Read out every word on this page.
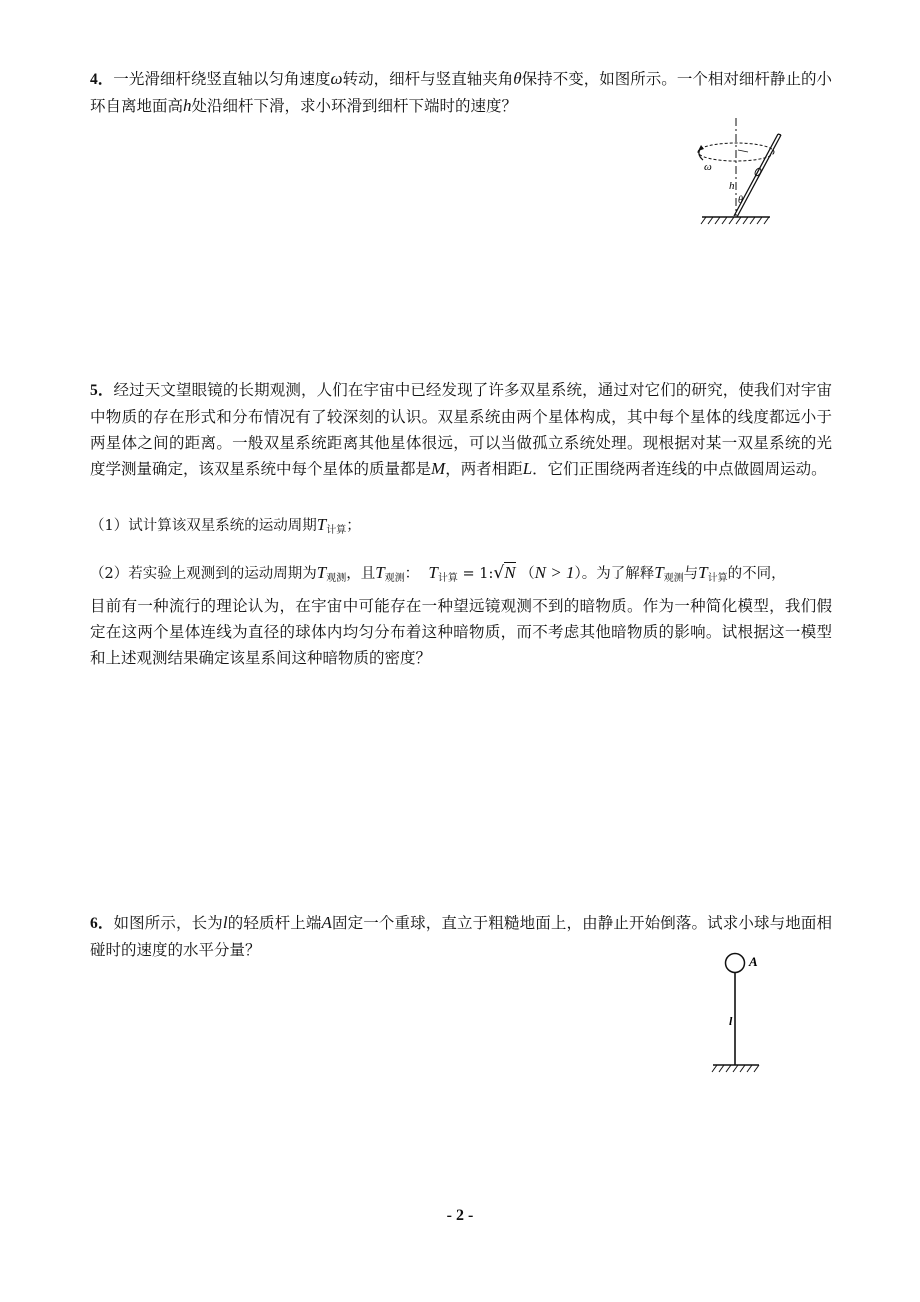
4．一光滑细杆绕竖直轴以匀角速度ω转动，细杆与竖直轴夹角θ保持不变，如图所示。一个相对细杆静止的小环自离地面高h处沿细杆下滑，求小环滑到细杆下端时的速度？
ω
h
θ
5．经过天文望眼镜的长期观测，人们在宇宙中已经发现了许多双星系统，通过对它们的研究，使我们对宇宙中物质的存在形式和分布情况有了较深刻的认识。双星系统由两个星体构成，其中每个星体的线度都远小于两星体之间的距离。一般双星系统距离其他星体很远，可以当做孤立系统处理。现根据对某一双星系统的光度学测量确定，该双星系统中每个星体的质量都是M，两者相距L．它们正围绕两者连线的中点做圆周运动。
（1）试计算该双星系统的运动周期$T_{计算}$；
（2）若实验上观测到的运动周期为$T_{观测}$，且$T_{观测}$： $T_{计算}$ = 1:√N （N > 1）。为了解释$T_{观测}$与$T_{计算}$的不同，
目前有一种流行的理论认为，在宇宙中可能存在一种望远镜观测不到的暗物质。作为一种简化模型，我们假定在这两个星体连线为直径的球体内均匀分布着这种暗物质，而不考虑其他暗物质的影响。试根据这一模型和上述观测结果确定该星系间这种暗物质的密度？
6．如图所示，长为l的轻质杆上端A固定一个重球，直立于粗糙地面上，由静止开始倒落。试求小球与地面相碰时的速度的水平分量？
A
l
- 2 -
